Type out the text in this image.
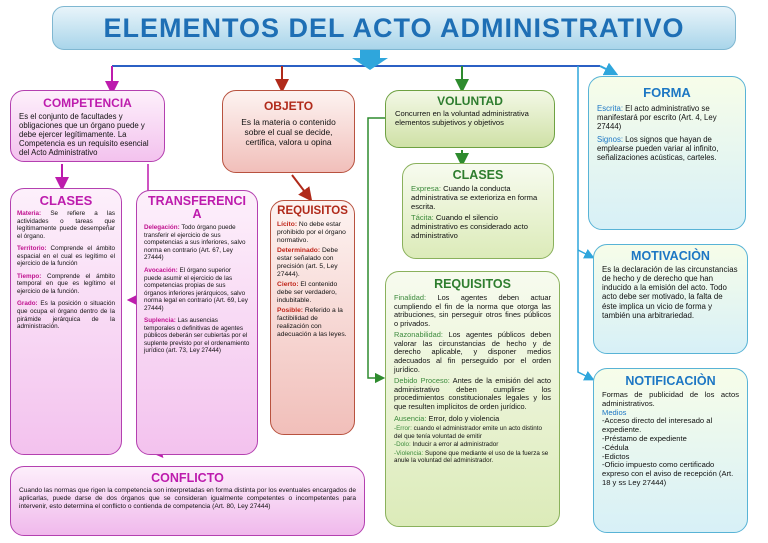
ELEMENTOS DEL ACTO ADMINISTRATIVO
COMPETENCIA
Es el conjunto de facultades y obligaciones que un órgano puede y debe ejercer legítimamente. La Competencia es un requisito esencial del Acto Administrativo
CLASES
Materia: Se refiere a las actividades o tareas que legítimamente puede desempeñar el órgano.
Territorio: Comprende el ámbito espacial en el cual es legítimo el ejercicio de la función
Tiempo: Comprende el ámbito temporal en que es legítimo el ejercicio de la función.
Grado: Es la posición o situación que ocupa el órgano dentro de la pirámide jerárquica de la administración.
TRANSFERENCIA
Delegación: Todo órgano puede transferir el ejercicio de sus competencias a sus inferiores, salvo norma en contrario (Art. 67, Ley 27444)
Avocación: El órgano superior puede asumir el ejercicio de las competencias propias de sus órganos inferiores jerárquicos, salvo norma legal en contrario (Art. 69, Ley 27444)
Suplencia: Las ausencias temporales o definitivas de agentes públicos deberán ser cubiertas por el suplente previsto por el ordenamiento jurídico (art. 73, Ley 27444)
CONFLICTO
Cuando las normas que rigen la competencia son interpretadas en forma distinta por los eventuales encargados de aplicarlas, puede darse de dos órganos que se consideran igualmente competentes o incompetentes para intervenir, esto determina el conflicto o contienda de competencia (Art. 80, Ley 27444)
OBJETO
Es la materia o contenido sobre el cual se decide, certifica, valora u opina
REQUISITOS
Lícito: No debe estar prohibido por el órgano normativo.
Determinado: Debe estar señalado con precisión (art. 5, Ley 27444).
Cierto: El contenido debe ser verdadero, indubitable.
Posible: Referido a la factibilidad de realización con adecuación a las leyes.
VOLUNTAD
Concurren en la voluntad administrativa elementos subjetivos y objetivos
CLASES
Expresa: Cuando la conducta administrativa se exterioriza en forma escrita.
Tácita: Cuando el silencio administrativo es considerado acto administrativo
REQUISITOS
Finalidad: Los agentes deben actuar cumpliendo el fin de la norma que otorga las atribuciones, sin perseguir otros fines públicos o privados.
Razonabilidad: Los agentes públicos deben valorar las circunstancias de hecho y de derecho aplicable, y disponer medios adecuados al fin perseguido por el orden jurídico.
Debido Proceso: Antes de la emisión del acto administrativo deben cumplirse los procedimientos constitucionales legales y los que resulten implícitos de orden jurídico.
Ausencia: Error, dolo y violencia
-Error: cuando el administrador emite un acto distinto del que tenía voluntad de emitir
-Dolo: Inducir a error al administrador
-Violencia: Supone que mediante el uso de la fuerza se anule la voluntad del administrador.
FORMA
Escrita: El acto administrativo se manifestará por escrito (Art. 4, Ley 27444)
Signos: Los signos que hayan de emplearse pueden variar al infinito, señalizaciones acústicas, carteles.
MOTIVACIÒN
Es la declaración de las circunstancias de hecho y de derecho que han inducido a la emisión del acto. Todo acto debe ser motivado, la falta de éste implica un vicio de forma y también una arbitrariedad.
NOTIFICACIÒN
Formas de publicidad de los actos administrativos.
Medios
-Acceso directo del interesado al expediente.
-Préstamo de expediente
-Cédula
-Edictos
-Oficio impuesto como certificado expreso con el aviso de recepción (Art. 18 y ss Ley 27444)
